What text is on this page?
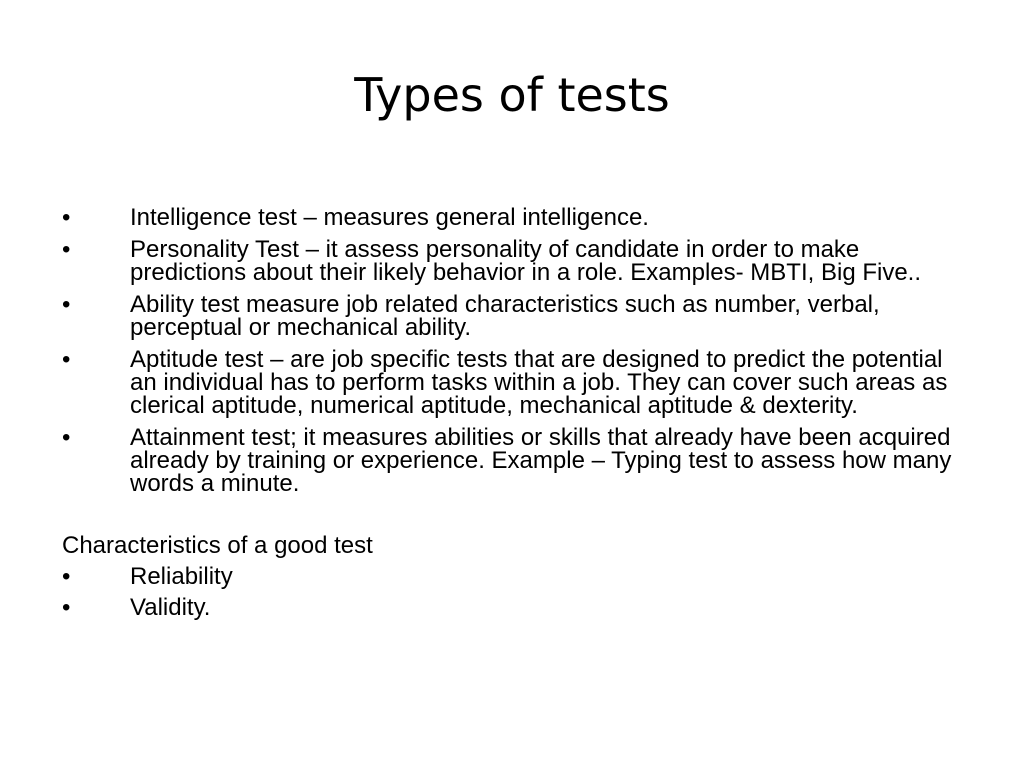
Types of tests
•	Intelligence test – measures general intelligence.
•	Personality Test – it assess personality of candidate in order to make predictions about their likely behavior in a role. Examples- MBTI, Big Five..
•	Ability test measure job related characteristics such as number, verbal, perceptual or mechanical ability.
•	Aptitude test – are job specific tests that are designed to predict the potential an individual has to perform tasks within a job. They can cover such areas as clerical aptitude, numerical aptitude, mechanical aptitude & dexterity.
•	Attainment test; it measures abilities or skills that already have been acquired already by training or experience. Example – Typing test to assess how many words a minute.
Characteristics of a good test
•	Reliability
•	Validity.
